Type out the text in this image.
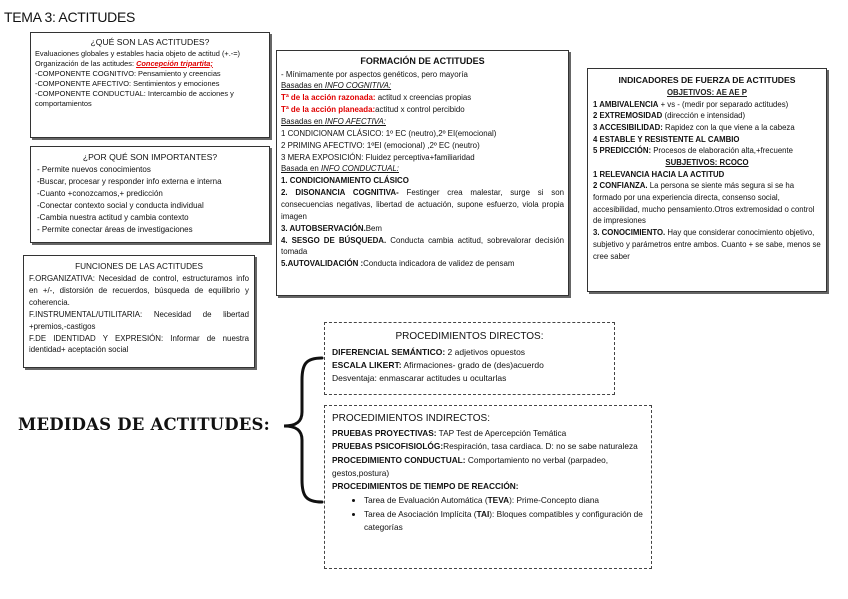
TEMA 3: ACTITUDES
¿QUÉ SON LAS ACTITUDES?
Evaluaciones globales y estables hacia objeto de actitud (+.-=)
Organización de las actitudes: Concepción tripartita;
-COMPONENTE COGNITIVO: Pensamiento y creencias
-COMPONENTE AFECTIVO: Sentimientos y emociones
-COMPONENTE CONDUCTUAL: Intercambio de acciones y comportamientos
¿POR QUÉ SON IMPORTANTES?
- Permite nuevos conocimientos
-Buscar, procesar y responder info externa e interna
-Cuanto +conozcamos,+ predicción
-Conectar contexto social y conducta individual
-Cambia nuestra actitud y cambia contexto
- Permite conectar áreas de investigaciones
FUNCIONES DE LAS ACTITUDES
F.ORGANIZATIVA: Necesidad de control, estructuramos info en +/-, distorsión de recuerdos, búsqueda de equilibrio y coherencia.
F.INSTRUMENTAL/UTILITARIA: Necesidad de libertad +premios,-castigos
F.DE IDENTIDAD Y EXPRESIÓN: Informar de nuestra identidad+ aceptación social
FORMACIÓN DE ACTITUDES
- Mínimamente por aspectos genéticos, pero mayoría
Basadas en INFO COGNITIVA:
Tª de la acción razonada: actitud x creencias propias
Tª de la acción planeada:actitud x control percibido
Basadas en INFO AFECTIVA:
1 CONDICIONAM CLÁSICO: 1º EC (neutro),2º EI(emocional)
2 PRIMING AFECTIVO: 1ºEI (emocional) ,2º EC (neutro)
3 MERA EXPOSICIÓN: Fluidez perceptiva+familiaridad
Basada en INFO CONDUCTUAL:
1. CONDICIONAMIENTO CLÁSICO
2. DISONANCIA COGNITIVA- Festinger crea malestar, surge si son consecuencias negativas, libertad de actuación, supone esfuerzo, viola propia imagen
3. AUTOBSERVACIÓN.Bem
4. SESGO DE BÚSQUEDA. Conducta cambia actitud, sobrevalorar decisión tomada
5.AUTOVALIDACIÓN :Conducta indicadora de validez de pensam
INDICADORES DE FUERZA DE ACTITUDES
OBJETIVOS: AE AE P
1 AMBIVALENCIA + vs - (medir por separado actitudes)
2 EXTREMOSIDAD (dirección e intensidad)
3 ACCESIBILIDAD: Rapidez con la que viene a la cabeza
4 ESTABLE Y RESISTENTE AL CAMBIO
5 PREDICCIÓN: Procesos de elaboración alta,+frecuente
SUBJETIVOS: RCOCO
1 RELEVANCIA HACIA LA ACTITUD
2 CONFIANZA. La persona se siente más segura si se ha formado por una experiencia directa, consenso social, accesibilidad, mucho pensamiento.Otros extremosidad o control de impresiones
3. CONOCIMIENTO. Hay que considerar conocimiento objetivo, subjetivo y parámetros entre ambos. Cuanto + se sabe, menos se cree saber
MEDIDAS DE ACTITUDES:
PROCEDIMIENTOS DIRECTOS:
DIFERENCIAL SEMÁNTICO: 2 adjetivos opuestos
ESCALA LIKERT: Afirmaciones- grado de (des)acuerdo
Desventaja: enmascarar actitudes u ocultarlas
PROCEDIMIENTOS INDIRECTOS:
PRUEBAS PROYECTIVAS: TAP Test de Apercepción Temática
PRUEBAS PSICOFISIOLÓG:Respiración, tasa cardiaca. D: no se sabe naturaleza
PROCEDIMIENTO CONDUCTUAL: Comportamiento no verbal (parpadeo, gestos,postura)
PROCEDIMIENTOS DE TIEMPO DE REACCIÓN:
• Tarea de Evaluación Automática (TEVA): Prime-Concepto diana
• Tarea de Asociación Implícita (TAI): Bloques compatibles y configuración de categorías
